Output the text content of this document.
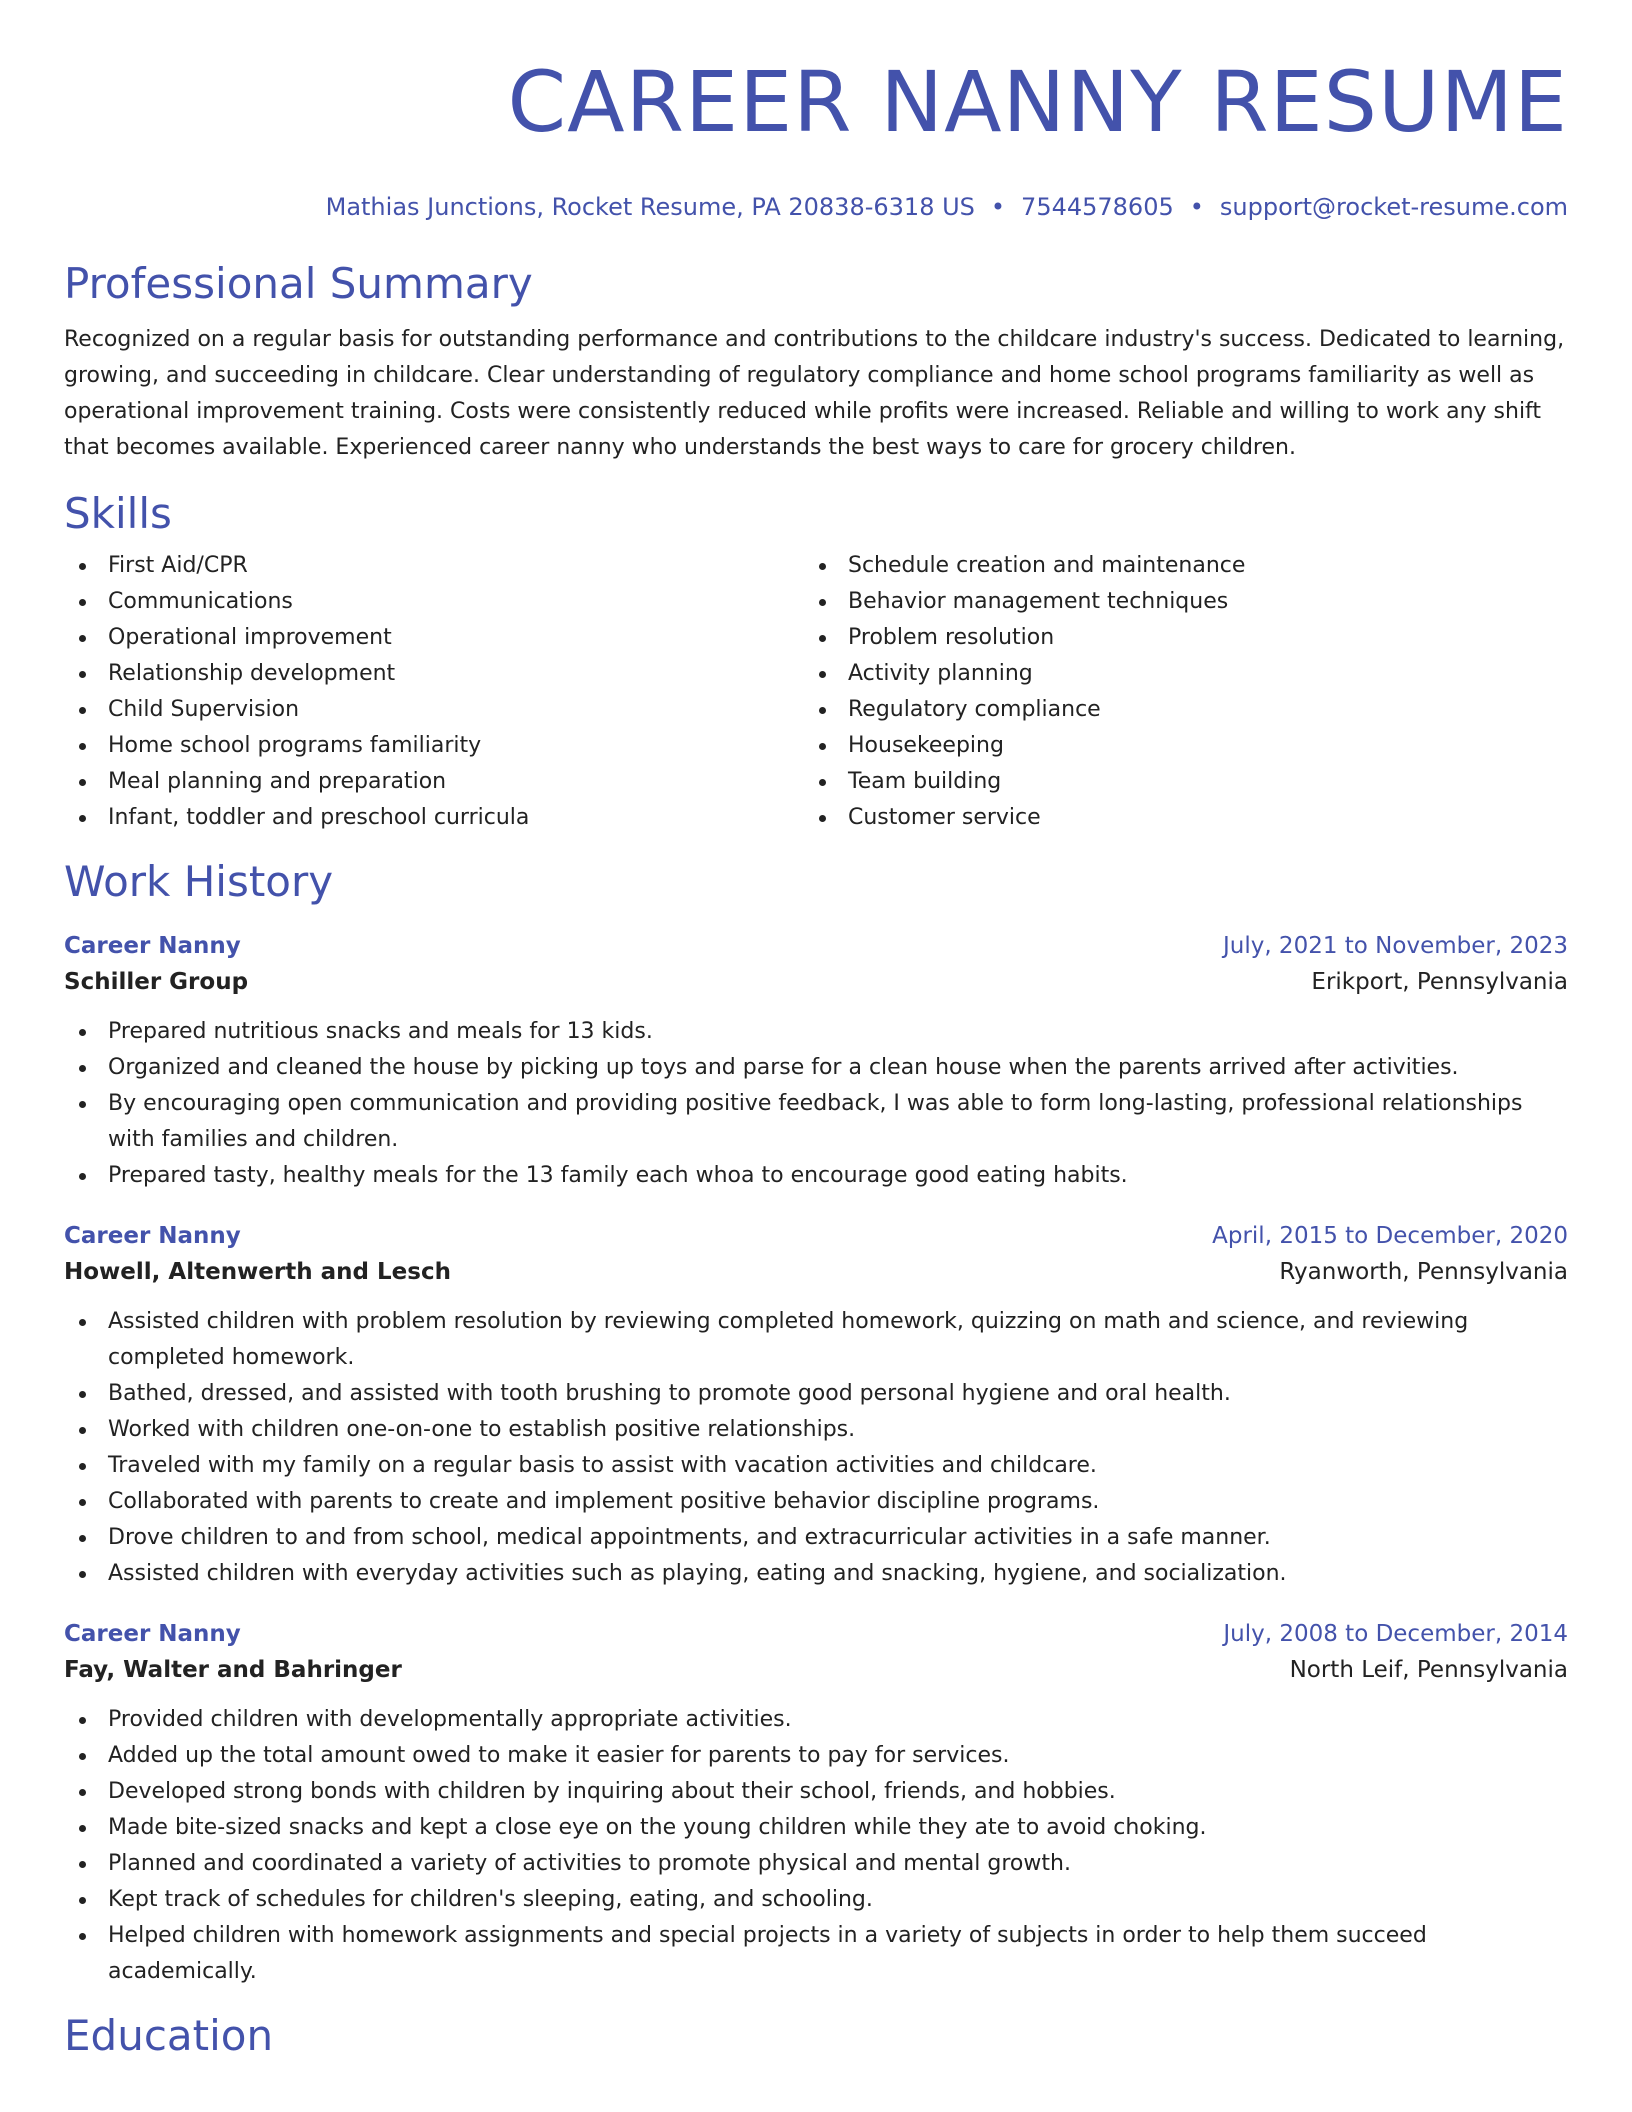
CAREER NANNY RESUME
Mathias Junctions, Rocket Resume, PA 20838-6318 US • 7544578605 • support@rocket-resume.com
Professional Summary
Recognized on a regular basis for outstanding performance and contributions to the childcare industry's success. Dedicated to learning, growing, and succeeding in childcare. Clear understanding of regulatory compliance and home school programs familiarity as well as operational improvement training. Costs were consistently reduced while profits were increased. Reliable and willing to work any shift that becomes available. Experienced career nanny who understands the best ways to care for grocery children.
Skills
First Aid/CPR
Communications
Operational improvement
Relationship development
Child Supervision
Home school programs familiarity
Meal planning and preparation
Infant, toddler and preschool curricula
Schedule creation and maintenance
Behavior management techniques
Problem resolution
Activity planning
Regulatory compliance
Housekeeping
Team building
Customer service
Work History
Career Nanny	July, 2021 to November, 2023
Schiller Group	Erikport, Pennsylvania
Prepared nutritious snacks and meals for 13 kids.
Organized and cleaned the house by picking up toys and parse for a clean house when the parents arrived after activities.
By encouraging open communication and providing positive feedback, I was able to form long-lasting, professional relationships with families and children.
Prepared tasty, healthy meals for the 13 family each whoa to encourage good eating habits.
Career Nanny	April, 2015 to December, 2020
Howell, Altenwerth and Lesch	Ryanworth, Pennsylvania
Assisted children with problem resolution by reviewing completed homework, quizzing on math and science, and reviewing completed homework.
Bathed, dressed, and assisted with tooth brushing to promote good personal hygiene and oral health.
Worked with children one-on-one to establish positive relationships.
Traveled with my family on a regular basis to assist with vacation activities and childcare.
Collaborated with parents to create and implement positive behavior discipline programs.
Drove children to and from school, medical appointments, and extracurricular activities in a safe manner.
Assisted children with everyday activities such as playing, eating and snacking, hygiene, and socialization.
Career Nanny	July, 2008 to December, 2014
Fay, Walter and Bahringer	North Leif, Pennsylvania
Provided children with developmentally appropriate activities.
Added up the total amount owed to make it easier for parents to pay for services.
Developed strong bonds with children by inquiring about their school, friends, and hobbies.
Made bite-sized snacks and kept a close eye on the young children while they ate to avoid choking.
Planned and coordinated a variety of activities to promote physical and mental growth.
Kept track of schedules for children's sleeping, eating, and schooling.
Helped children with homework assignments and special projects in a variety of subjects in order to help them succeed academically.
Education
